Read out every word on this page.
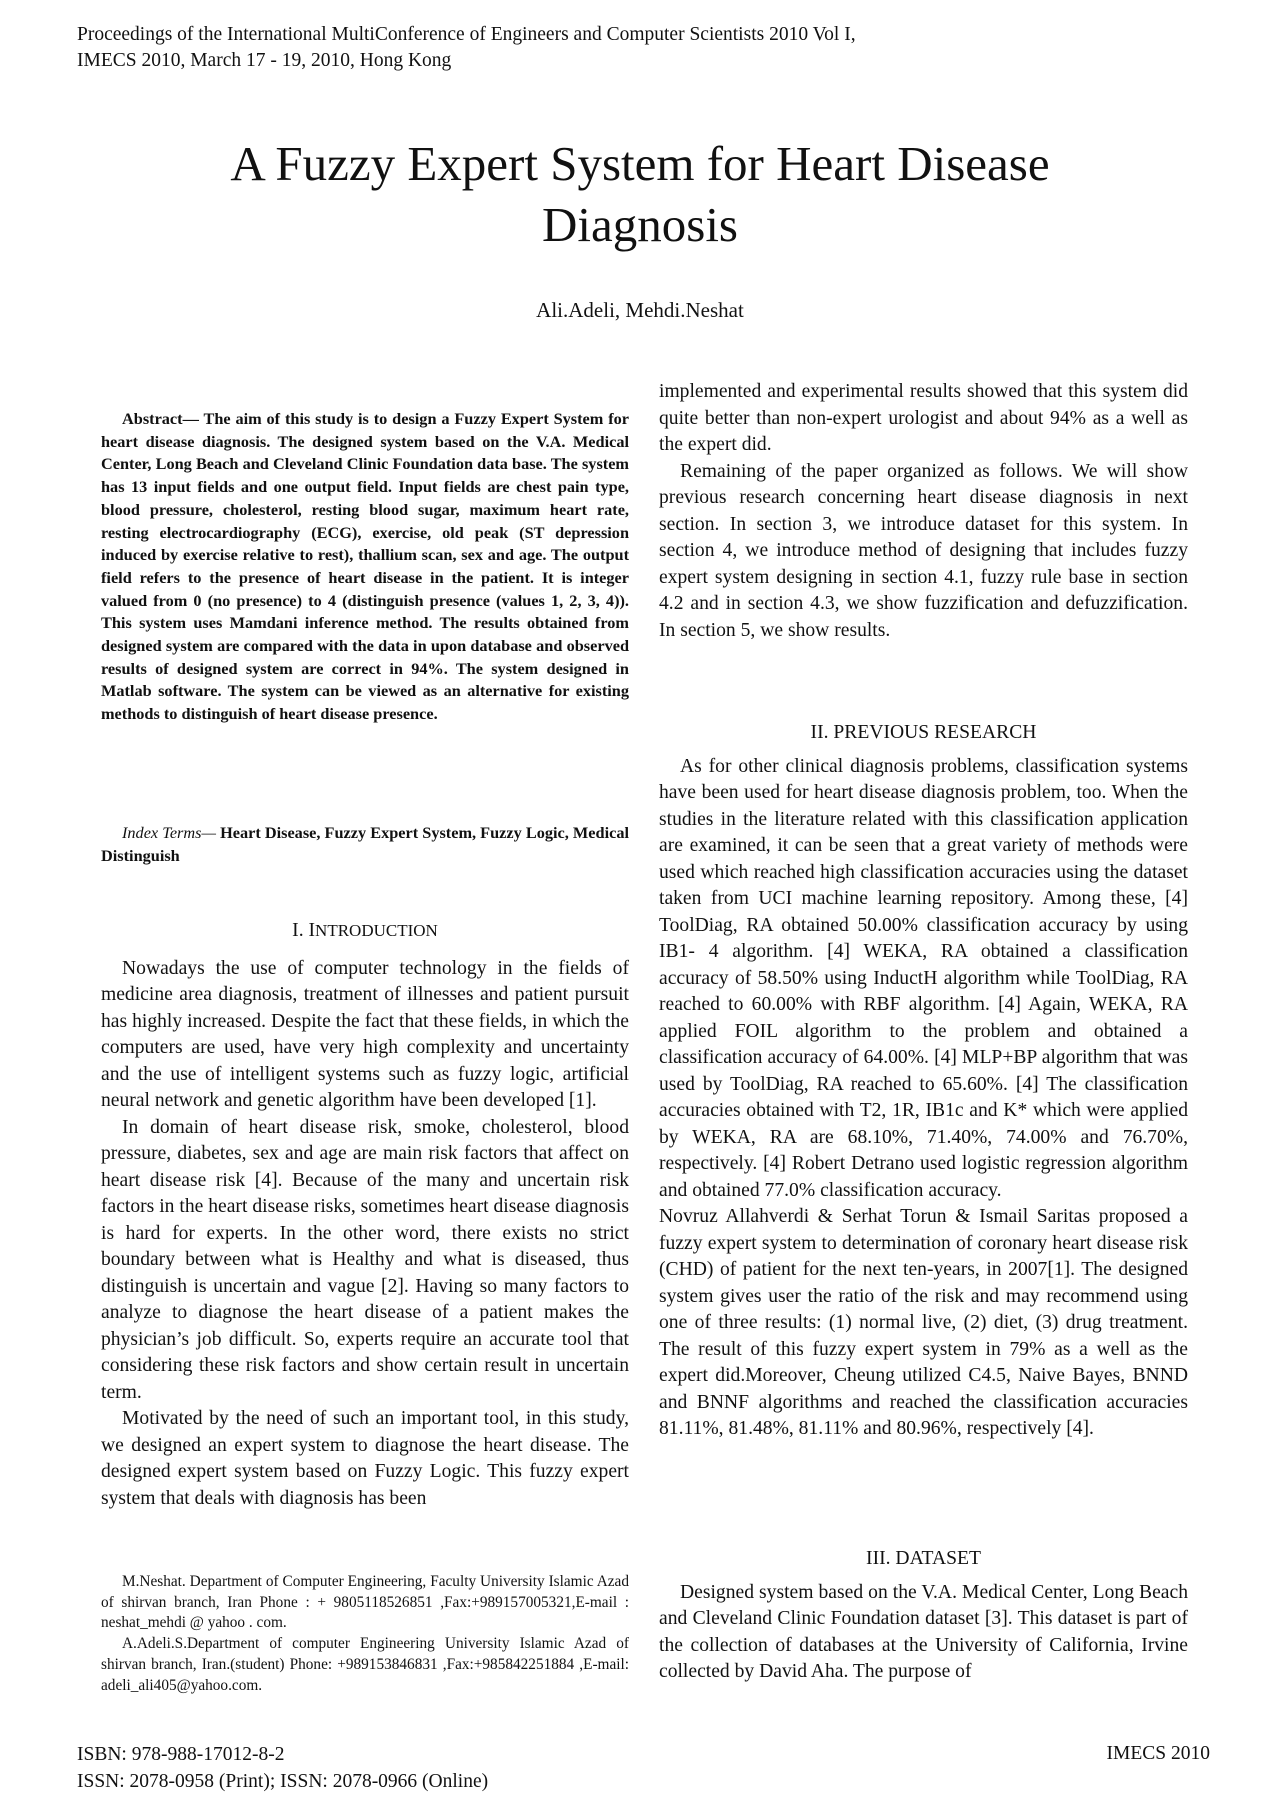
Proceedings of the International MultiConference of Engineers and Computer Scientists 2010 Vol I,
IMECS 2010, March 17 - 19, 2010, Hong Kong
A Fuzzy Expert System for Heart Disease
Diagnosis
Ali.Adeli, Mehdi.Neshat

Abstract— The aim of this study is to design a Fuzzy Expert System for heart disease diagnosis. The designed system based on the V.A. Medical Center, Long Beach and Cleveland Clinic Foundation data base. The system has 13 input fields and one output field. Input fields are chest pain type, blood pressure, cholesterol, resting blood sugar, maximum heart rate, resting electrocardiography (ECG), exercise, old peak (ST depression induced by exercise relative to rest), thallium scan, sex and age. The output field refers to the presence of heart disease in the patient. It is integer valued from 0 (no presence) to 4 (distinguish presence (values 1, 2, 3, 4)). This system uses Mamdani inference method. The results obtained from designed system are compared with the data in upon database and observed results of designed system are correct in 94%. The system designed in Matlab software. The system can be viewed as an alternative for existing methods to distinguish of heart disease presence.

Index Terms— Heart Disease, Fuzzy Expert System, Fuzzy Logic, Medical Distinguish

I. INTRODUCTION

Nowadays the use of computer technology in the fields of medicine area diagnosis, treatment of illnesses and patient pursuit has highly increased. Despite the fact that these fields, in which the computers are used, have very high complexity and uncertainty and the use of intelligent systems such as fuzzy logic, artificial neural network and genetic algorithm have been developed [1].

In domain of heart disease risk, smoke, cholesterol, blood pressure, diabetes, sex and age are main risk factors that affect on heart disease risk [4]. Because of the many and uncertain risk factors in the heart disease risks, sometimes heart disease diagnosis is hard for experts. In the other word, there exists no strict boundary between what is Healthy and what is diseased, thus distinguish is uncertain and vague [2]. Having so many factors to analyze to diagnose the heart disease of a patient makes the physician’s job difficult. So, experts require an accurate tool that considering these risk factors and show certain result in uncertain term.

Motivated by the need of such an important tool, in this study, we designed an expert system to diagnose the heart disease. The designed expert system based on Fuzzy Logic. This fuzzy expert system that deals with diagnosis has been

M.Neshat. Department of Computer Engineering, Faculty University Islamic Azad of shirvan branch, Iran Phone : + 9805118526851 ,Fax:+989157005321,E-mail : neshat_mehdi @ yahoo . com.

A.Adeli.S.Department of computer Engineering University Islamic Azad of shirvan branch, Iran.(student) Phone: +989153846831 ,Fax:+985842251884 ,E-mail: adeli_ali405@yahoo.com.

implemented and experimental results showed that this system did quite better than non-expert urologist and about 94% as a well as the expert did.

Remaining of the paper organized as follows. We will show previous research concerning heart disease diagnosis in next section. In section 3, we introduce dataset for this system. In section 4, we introduce method of designing that includes fuzzy expert system designing in section 4.1, fuzzy rule base in section 4.2 and in section 4.3, we show fuzzification and defuzzification. In section 5, we show results.

II. PREVIOUS RESEARCH

As for other clinical diagnosis problems, classification systems have been used for heart disease diagnosis problem, too. When the studies in the literature related with this classification application are examined, it can be seen that a great variety of methods were used which reached high classification accuracies using the dataset taken from UCI machine learning repository. Among these, [4] ToolDiag, RA obtained 50.00% classification accuracy by using IB1- 4 algorithm. [4] WEKA, RA obtained a classification accuracy of 58.50% using InductH algorithm while ToolDiag, RA reached to 60.00% with RBF algorithm. [4] Again, WEKA, RA applied FOIL algorithm to the problem and obtained a classification accuracy of 64.00%. [4] MLP+BP algorithm that was used by ToolDiag, RA reached to 65.60%. [4] The classification accuracies obtained with T2, 1R, IB1c and K* which were applied by WEKA, RA are 68.10%, 71.40%, 74.00% and 76.70%, respectively. [4] Robert Detrano used logistic regression algorithm and obtained 77.0% classification accuracy.

Novruz Allahverdi & Serhat Torun & Ismail Saritas proposed a fuzzy expert system to determination of coronary heart disease risk (CHD) of patient for the next ten-years, in 2007[1]. The designed system gives user the ratio of the risk and may recommend using one of three results: (1) normal live, (2) diet, (3) drug treatment. The result of this fuzzy expert system in 79% as a well as the expert did.Moreover, Cheung utilized C4.5, Naive Bayes, BNND and BNNF algorithms and reached the classification accuracies 81.11%, 81.48%, 81.11% and 80.96%, respectively [4].

III. DATASET

Designed system based on the V.A. Medical Center, Long Beach and Cleveland Clinic Foundation dataset [3]. This dataset is part of the collection of databases at the University of California, Irvine collected by David Aha. The purpose of

ISBN: 978-988-17012-8-2
ISSN: 2078-0958 (Print); ISSN: 2078-0966 (Online)
IMECS 2010
